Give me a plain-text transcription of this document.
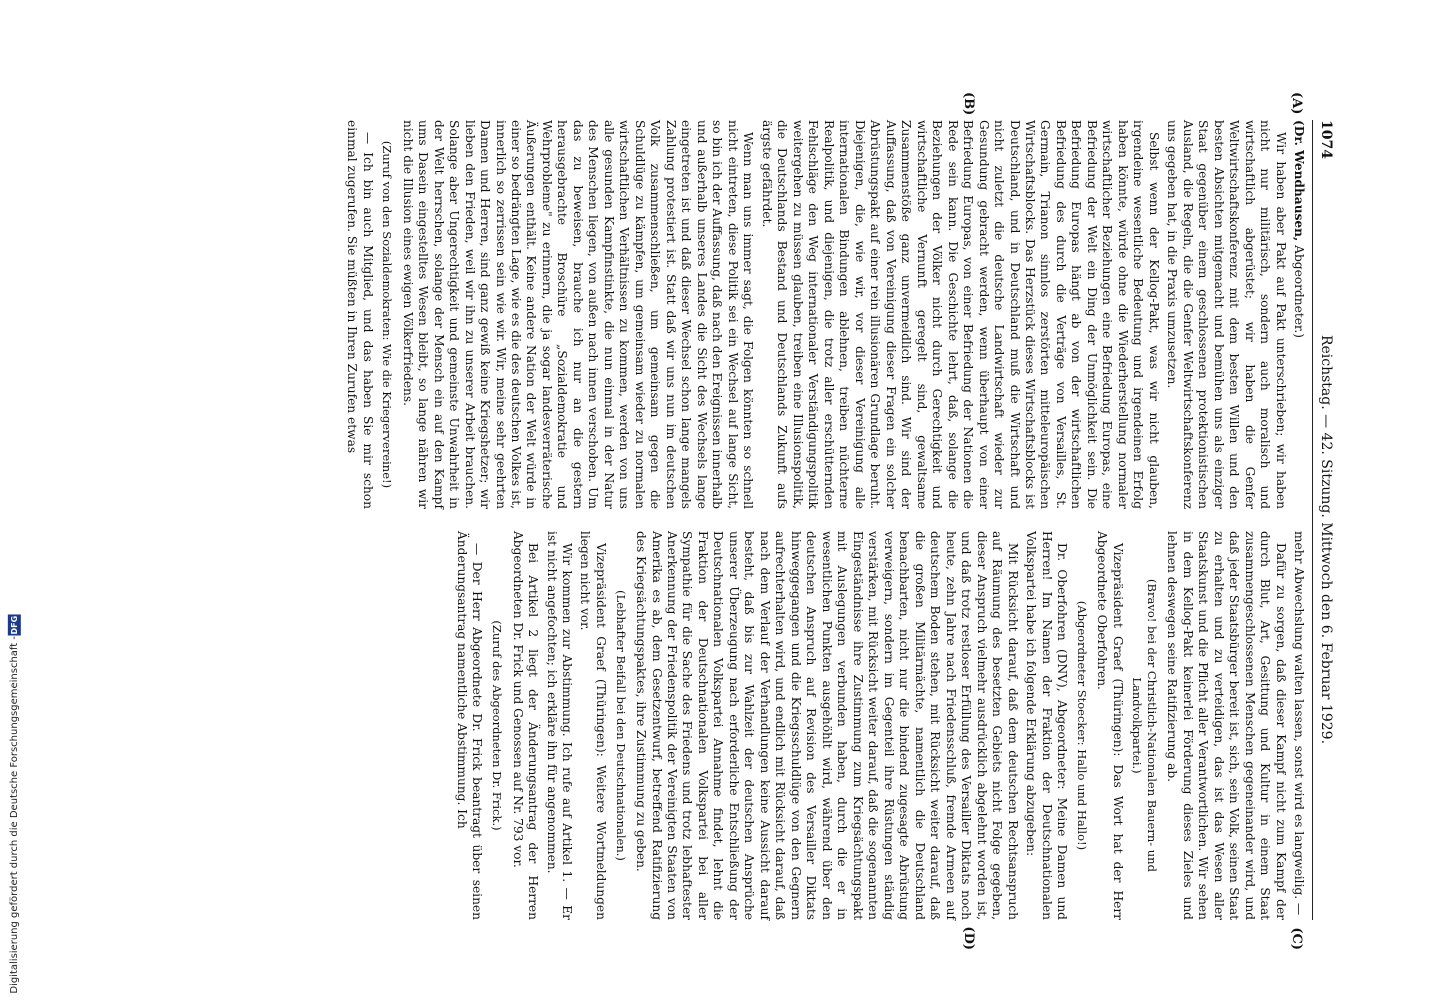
1074
Reichstag. — 42. Sitzung. Mittwoch den 6. Februar 1929.
(A)
(B)
(C)
(D)

(Dr. Wendhausen, Abgeordneter.)

Wir haben aber Pakt auf Pakt unterschrieben; wir haben nicht nur militärisch, sondern auch moralisch und wirtschaftlich abgerüstet; wir haben die Genfer Weltwirtschaftskonferenz mit dem besten Willen und den besten Absichten mitgemacht und bemühen uns als einziger Staat gegenüber einem geschlossenen protektionistischen Ausland, die Regeln, die die Genfer Weltwirtschaftskonferenz uns gegeben hat, in die Praxis umzusetzen.

Selbst wenn der Kellog-Pakt, was wir nicht glauben, irgendeine wesentliche Bedeutung und irgendeinen Erfolg haben könnte, würde ohne die Wiederherstellung normaler wirtschaftlicher Beziehungen eine Befriedung Europas, eine Befriedung der Welt ein Ding der Unmöglichkeit sein. Die Befriedung Europas hängt ab von der wirtschaftlichen Befriedung des durch die Verträge von Versailles, St. Germain, Trianon sinnlos zerstörten mitteleuropäischen Wirtschaftsblocks. Das Herzstück dieses Wirtschaftsblocks ist Deutschland, und in Deutschland muß die Wirtschaft und nicht zuletzt die deutsche Landwirtschaft wieder zur Gesundung gebracht werden, wenn überhaupt von einer Befriedung Europas, von einer Befriedung der Nationen die Rede sein kann. Die Geschichte lehrt, daß, solange die Beziehungen der Völker nicht durch Gerechtigkeit und wirtschaftliche Vernunft geregelt sind, gewaltsame Zusammenstöße ganz unvermeidlich sind. Wir sind der Auffassung, daß von Vereinigung dieser Fragen ein solcher Abrüstungspakt auf einer rein illusionären Grundlage beruht. Diejenigen, die, wie wir, vor dieser Vereinigung alle internationalen Bindungen ablehnen, treiben nüchterne Realpolitik, und diejenigen, die trotz aller erschütternden Fehlschläge den Weg internationaler Verständigungspolitik weitergehen zu müssen glauben, treiben eine Illusionspolitik, die Deutschlands Bestand und Deutschlands Zukunft aufs ärgste gefährdet.

Wenn man uns immer sagt, die Folgen könnten so schnell nicht eintreten, diese Politik sei ein Wechsel auf lange Sicht, so bin ich der Auffassung, daß nach den Ereignissen innerhalb und außerhalb unseres Landes die Sicht des Wechsels lange eingetreten ist und daß dieser Wechsel schon lange mangels Zahlung protestiert ist. Statt daß wir uns nun im deutschen Volk zusammenschließen, um gemeinsam gegen die Schuldlüge zu kämpfen, um gemeinsam wieder zu normalen wirtschaftlichen Verhältnissen zu kommen, werden von uns alle gesunden Kampfinstinkte, die nun einmal in der Natur des Menschen liegen, von außen nach innen verschoben. Um das zu beweisen, brauche ich nur an die gestern herausgebrachte Broschüre „Sozialdemokratie und Wehrprobleme" zu erinnern, die ja sogar landesverräterische Äußerungen enthält. Keine andere Nation der Welt würde in einer so bedrängten Lage, wie es die des deutschen Volkes ist, innerlich so zerrissen sein wie wir. Wir, meine sehr geehrten Damen und Herren, sind ganz gewiß keine Kriegshetzer; wir lieben den Frieden, weil wir ihn zu unserer Arbeit brauchen. Solange aber Ungerechtigkeit und gemeinste Unwahrheit in der Welt herrschen, solange der Mensch ein auf den Kampf ums Dasein eingestelltes Wesen bleibt, so lange nähren wir nicht die Illusion eines ewigen Völkerfriedens.

(Zuruf von den Sozialdemokraten: Wie die Kriegervereine!)

— Ich bin auch Mitglied, und das haben Sie mir schon einmal zugerufen. Sie müßten in Ihren Zurufen etwas

mehr Abwechslung walten lassen, sonst wird es langweilig. —

Dafür zu sorgen, daß dieser Kampf nicht zum Kampf der durch Blut, Art, Gesittung und Kultur in einem Staat zusammengeschlossenen Menschen gegeneinander wird, und daß jeder Staatsbürger bereit ist, sich, sein Volk, seinen Staat zu erhalten und zu verteidigen, das ist das Wesen aller Staatskunst und die Pflicht aller Verantwortlichen. Wir sehen in dem Kellog-Pakt keinerlei Förderung dieses Zieles und lehnen deswegen seine Ratifizierung ab.

(Bravo! bei der Christlich-Nationalen Bauern- und Landvolkpartei.)

Vizepräsident Graef (Thüringen): Das Wort hat der Herr Abgeordnete Oberfohren.

(Abgeordneter Stoecker: Hallo und Hallo!)

Dr. Oberfohren (DNV), Abgeordneter: Meine Damen und Herren! Im Namen der Fraktion der Deutschnationalen Volkspartei habe ich folgende Erklärung abzugeben:

Mit Rücksicht darauf, daß dem deutschen Rechtsanspruch auf Räumung des besetzten Gebiets nicht Folge gegeben, dieser Anspruch vielmehr ausdrücklich abgelehnt worden ist, und daß trotz restloser Erfüllung des Versailler Diktats noch heute, zehn Jahre nach Friedensschluß, fremde Armeen auf deutschem Boden stehen, mit Rücksicht weiter darauf, daß die großen Militärmächte, namentlich die Deutschland benachbarten, nicht nur die bindend zugesagte Abrüstung verweigern, sondern im Gegenteil ihre Rüstungen ständig verstärken, mit Rücksicht weiter darauf, daß die sogenannten Eingeständnisse ihre Zustimmung zum Kriegsächtungspakt mit Auslegungen verbunden haben, durch die er in wesentlichen Punkten ausgehöhlt wird, während über den deutschen Anspruch auf Revision des Versailler Diktats hinweggegangen und die Kriegsschuldlüge von den Gegnern aufrechterhalten wird, und endlich mit Rücksicht darauf, daß nach dem Verlauf der Verhandlungen keine Aussicht darauf besteht, daß bis zur Wahlzeit der deutschen Ansprüche unserer Überzeugung nach erforderliche Entschließung der Deutschnationalen Volkspartei Annahme findet, lehnt die Fraktion der Deutschnationalen Volkspartei bei aller Sympathie für die Sache des Friedens und trotz lebhaftester Anerkennung der Friedenspolitik der Vereinigten Staaten von Amerika es ab, dem Gesetzentwurf, betreffend Ratifizierung des Kriegsächtungspaktes, ihre Zustimmung zu geben.

(Lebhafter Beifall bei den Deutschnationalen.)

Vizepräsident Graef (Thüringen): Weitere Wortmeldungen liegen nicht vor.

Wir kommen zur Abstimmung. Ich rufe auf Artikel 1. — Er ist nicht angefochten; ich erkläre ihn für angenommen.

Bei Artikel 2 liegt der Änderungsantrag der Herren Abgeordneten Dr. Frick und Genossen auf Nr. 793 vor.

(Zuruf des Abgeordneten Dr. Frick.)

— Der Herr Abgeordnete Dr. Frick beantragt über seinen Änderungsantrag namentliche Abstimmung. Ich

Digitalisierung gefördert durch die Deutsche Forschungsgemeinschaft -
DFG
